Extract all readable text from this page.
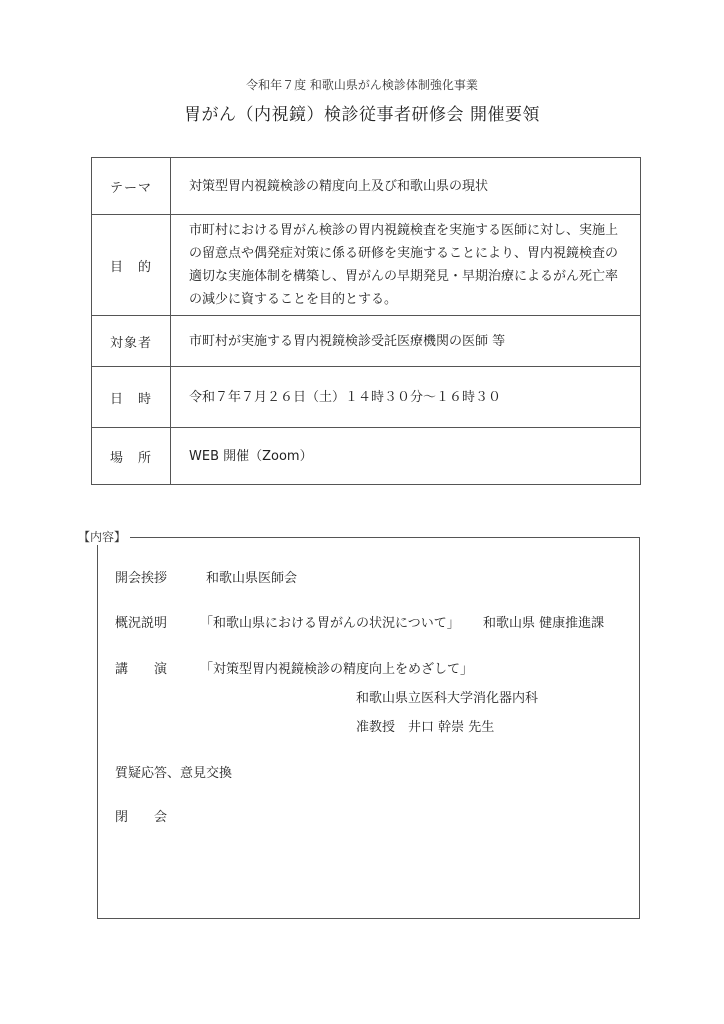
令和年７度 和歌山県がん検診体制強化事業
胃がん（内視鏡）検診従事者研修会 開催要領
テーマ	対策型胃内視鏡検診の精度向上及び和歌山県の現状
目　的	市町村における胃がん検診の胃内視鏡検査を実施する医師に対し、実施上の留意点や偶発症対策に係る研修を実施することにより、胃内視鏡検査の適切な実施体制を構築し、胃がんの早期発見・早期治療によるがん死亡率の減少に資することを目的とする。
対象者	市町村が実施する胃内視鏡検診受託医療機関の医師 等
日　時	令和７年７月２６日（土）１４時３０分～１６時３０
場　所	WEB 開催（Zoom）
【内容】
開会挨拶	和歌山県医師会
概況説明	「和歌山県における胃がんの状況について」 和歌山県 健康推進課
講　　演	「対策型胃内視鏡検診の精度向上をめざして」
和歌山県立医科大学消化器内科
准教授　井口 幹崇 先生
質疑応答、意見交換
閉　　会
